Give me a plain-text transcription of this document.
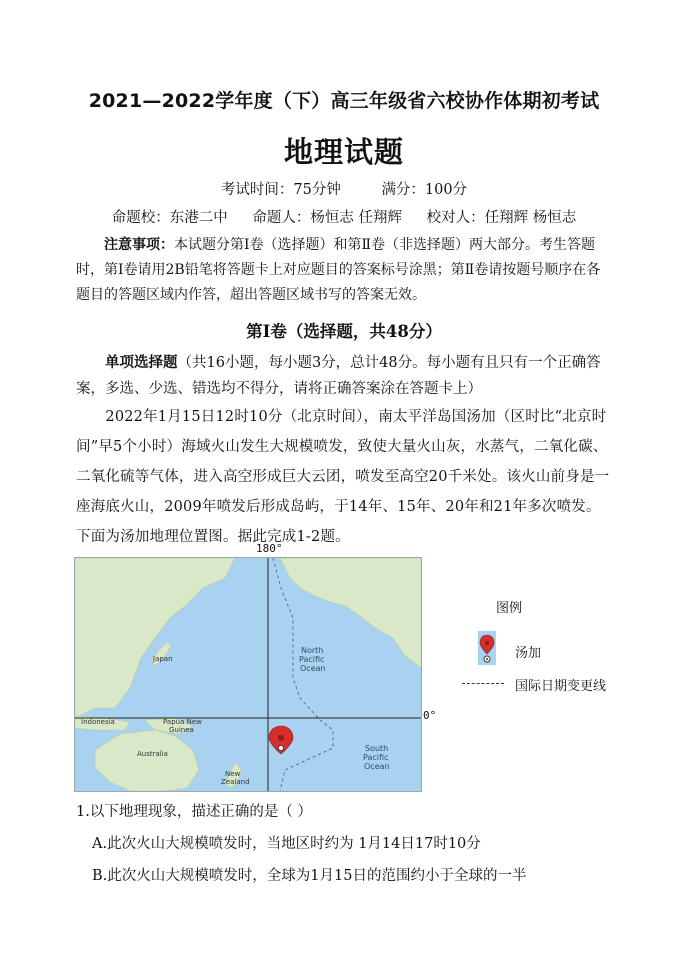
2021—2022学年度（下）高三年级省六校协作体期初考试
地理试题
考试时间：75分钟	满分：100分
命题校：东港二中 命题人：杨恒志 任翔辉 校对人：任翔辉 杨恒志
  注意事项：本试题分第Ⅰ卷（选择题）和第Ⅱ卷（非选择题）两大部分。考生答题时，第Ⅰ卷请用2B铅笔将答题卡上对应题目的答案标号涂黑；第Ⅱ卷请按题号顺序在各题目的答题区域内作答，超出答题区域书写的答案无效。
第Ⅰ卷（选择题，共48分）
  单项选择题（共16小题，每小题3分，总计48分。每小题有且只有一个正确答案，多选、少选、错选均不得分，请将正确答案涂在答题卡上）
  2022年1月15日12时10分（北京时间），南太平洋岛国汤加（区时比“北京时间”早5个小时）海域火山发生大规模喷发，致使大量火山灰，水蒸气，二氧化碳、二氧化硫等气体，进入高空形成巨大云团，喷发至高空20千米处。该火山前身是一座海底火山，2009年喷发后形成岛屿，于14年、15年、20年和21年多次喷发。下面为汤加地理位置图。据此完成1-2题。
180°
North Pacific Ocean
South Pacific Ocean
Japan
Indonesia	Papua New Guinea
Australia
New Zealand
0°
图例
汤加
国际日期变更线
1.以下地理现象，描述正确的是（ ）
A.此次火山大规模喷发时，当地区时约为 1月14日17时10分
B.此次火山大规模喷发时，全球为1月15日的范围约小于全球的一半
